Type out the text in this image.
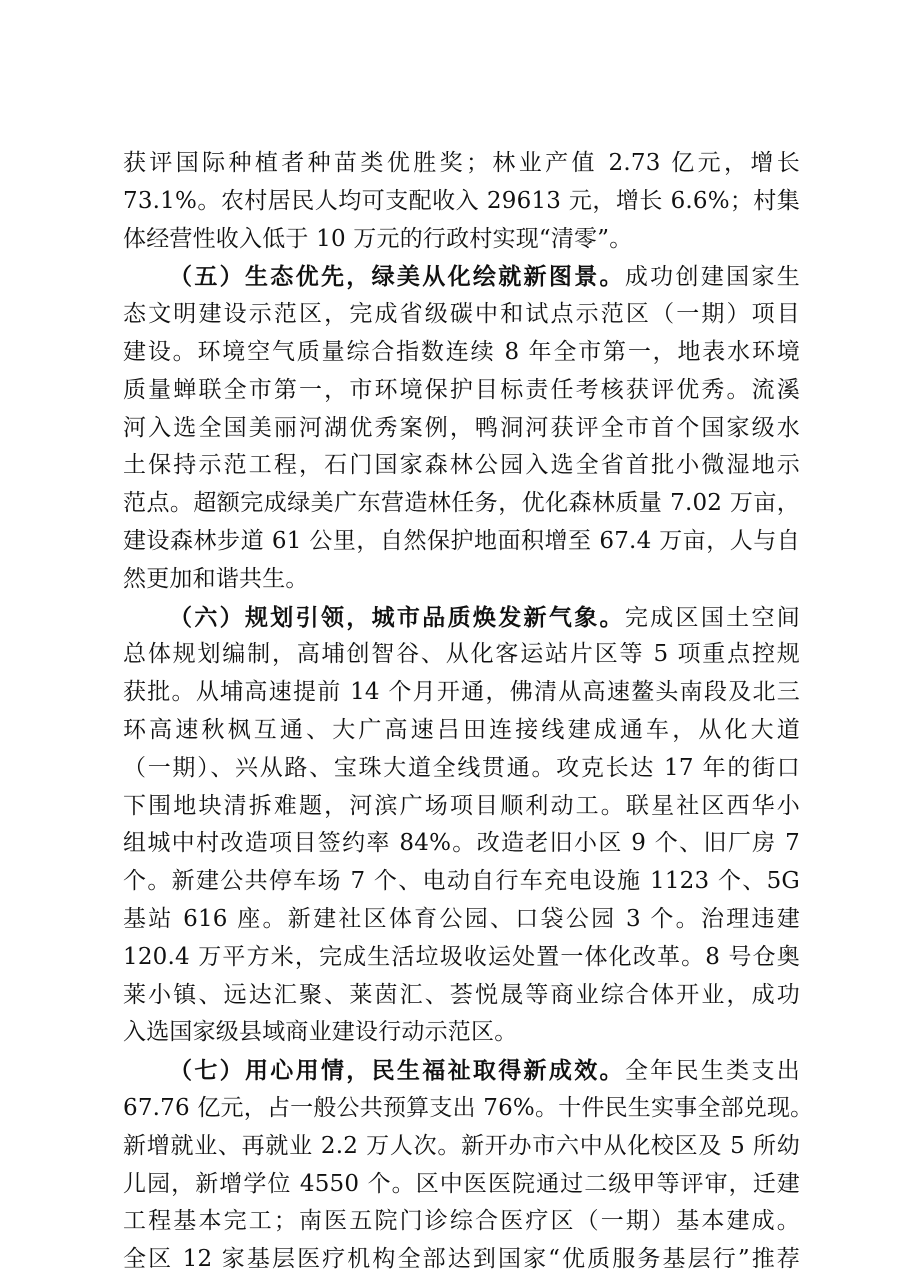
获评国际种植者种苗类优胜奖；林业产值 2.73 亿元，增长
73.1%。农村居民人均可支配收入 29613 元，增长 6.6%；村集
体经营性收入低于 10 万元的行政村实现“清零”。
（五）生态优先，绿美从化绘就新图景。成功创建国家生
态文明建设示范区，完成省级碳中和试点示范区（一期）项目
建设。环境空气质量综合指数连续 8 年全市第一，地表水环境
质量蝉联全市第一，市环境保护目标责任考核获评优秀。流溪
河入选全国美丽河湖优秀案例，鸭洞河获评全市首个国家级水
土保持示范工程，石门国家森林公园入选全省首批小微湿地示
范点。超额完成绿美广东营造林任务，优化森林质量 7.02 万亩，
建设森林步道 61 公里，自然保护地面积增至 67.4 万亩，人与自
然更加和谐共生。
（六）规划引领，城市品质焕发新气象。完成区国土空间
总体规划编制，高埔创智谷、从化客运站片区等 5 项重点控规
获批。从埔高速提前 14 个月开通，佛清从高速鳌头南段及北三
环高速秋枫互通、大广高速吕田连接线建成通车，从化大道
（一期）、兴从路、宝珠大道全线贯通。攻克长达 17 年的街口
下围地块清拆难题，河滨广场项目顺利动工。联星社区西华小
组城中村改造项目签约率 84%。改造老旧小区 9 个、旧厂房 7
个。新建公共停车场 7 个、电动自行车充电设施 1123 个、5G
基站 616 座。新建社区体育公园、口袋公园 3 个。治理违建
120.4 万平方米，完成生活垃圾收运处置一体化改革。8 号仓奥
莱小镇、远达汇聚、莱茵汇、荟悦晟等商业综合体开业，成功
入选国家级县域商业建设行动示范区。
（七）用心用情，民生福祉取得新成效。全年民生类支出
67.76 亿元，占一般公共预算支出 76%。十件民生实事全部兑现。
新增就业、再就业 2.2 万人次。新开办市六中从化校区及 5 所幼
儿园，新增学位 4550 个。区中医医院通过二级甲等评审，迁建
工程基本完工；南医五院门诊综合医疗区（一期）基本建成。
全区 12 家基层医疗机构全部达到国家“优质服务基层行”推荐
